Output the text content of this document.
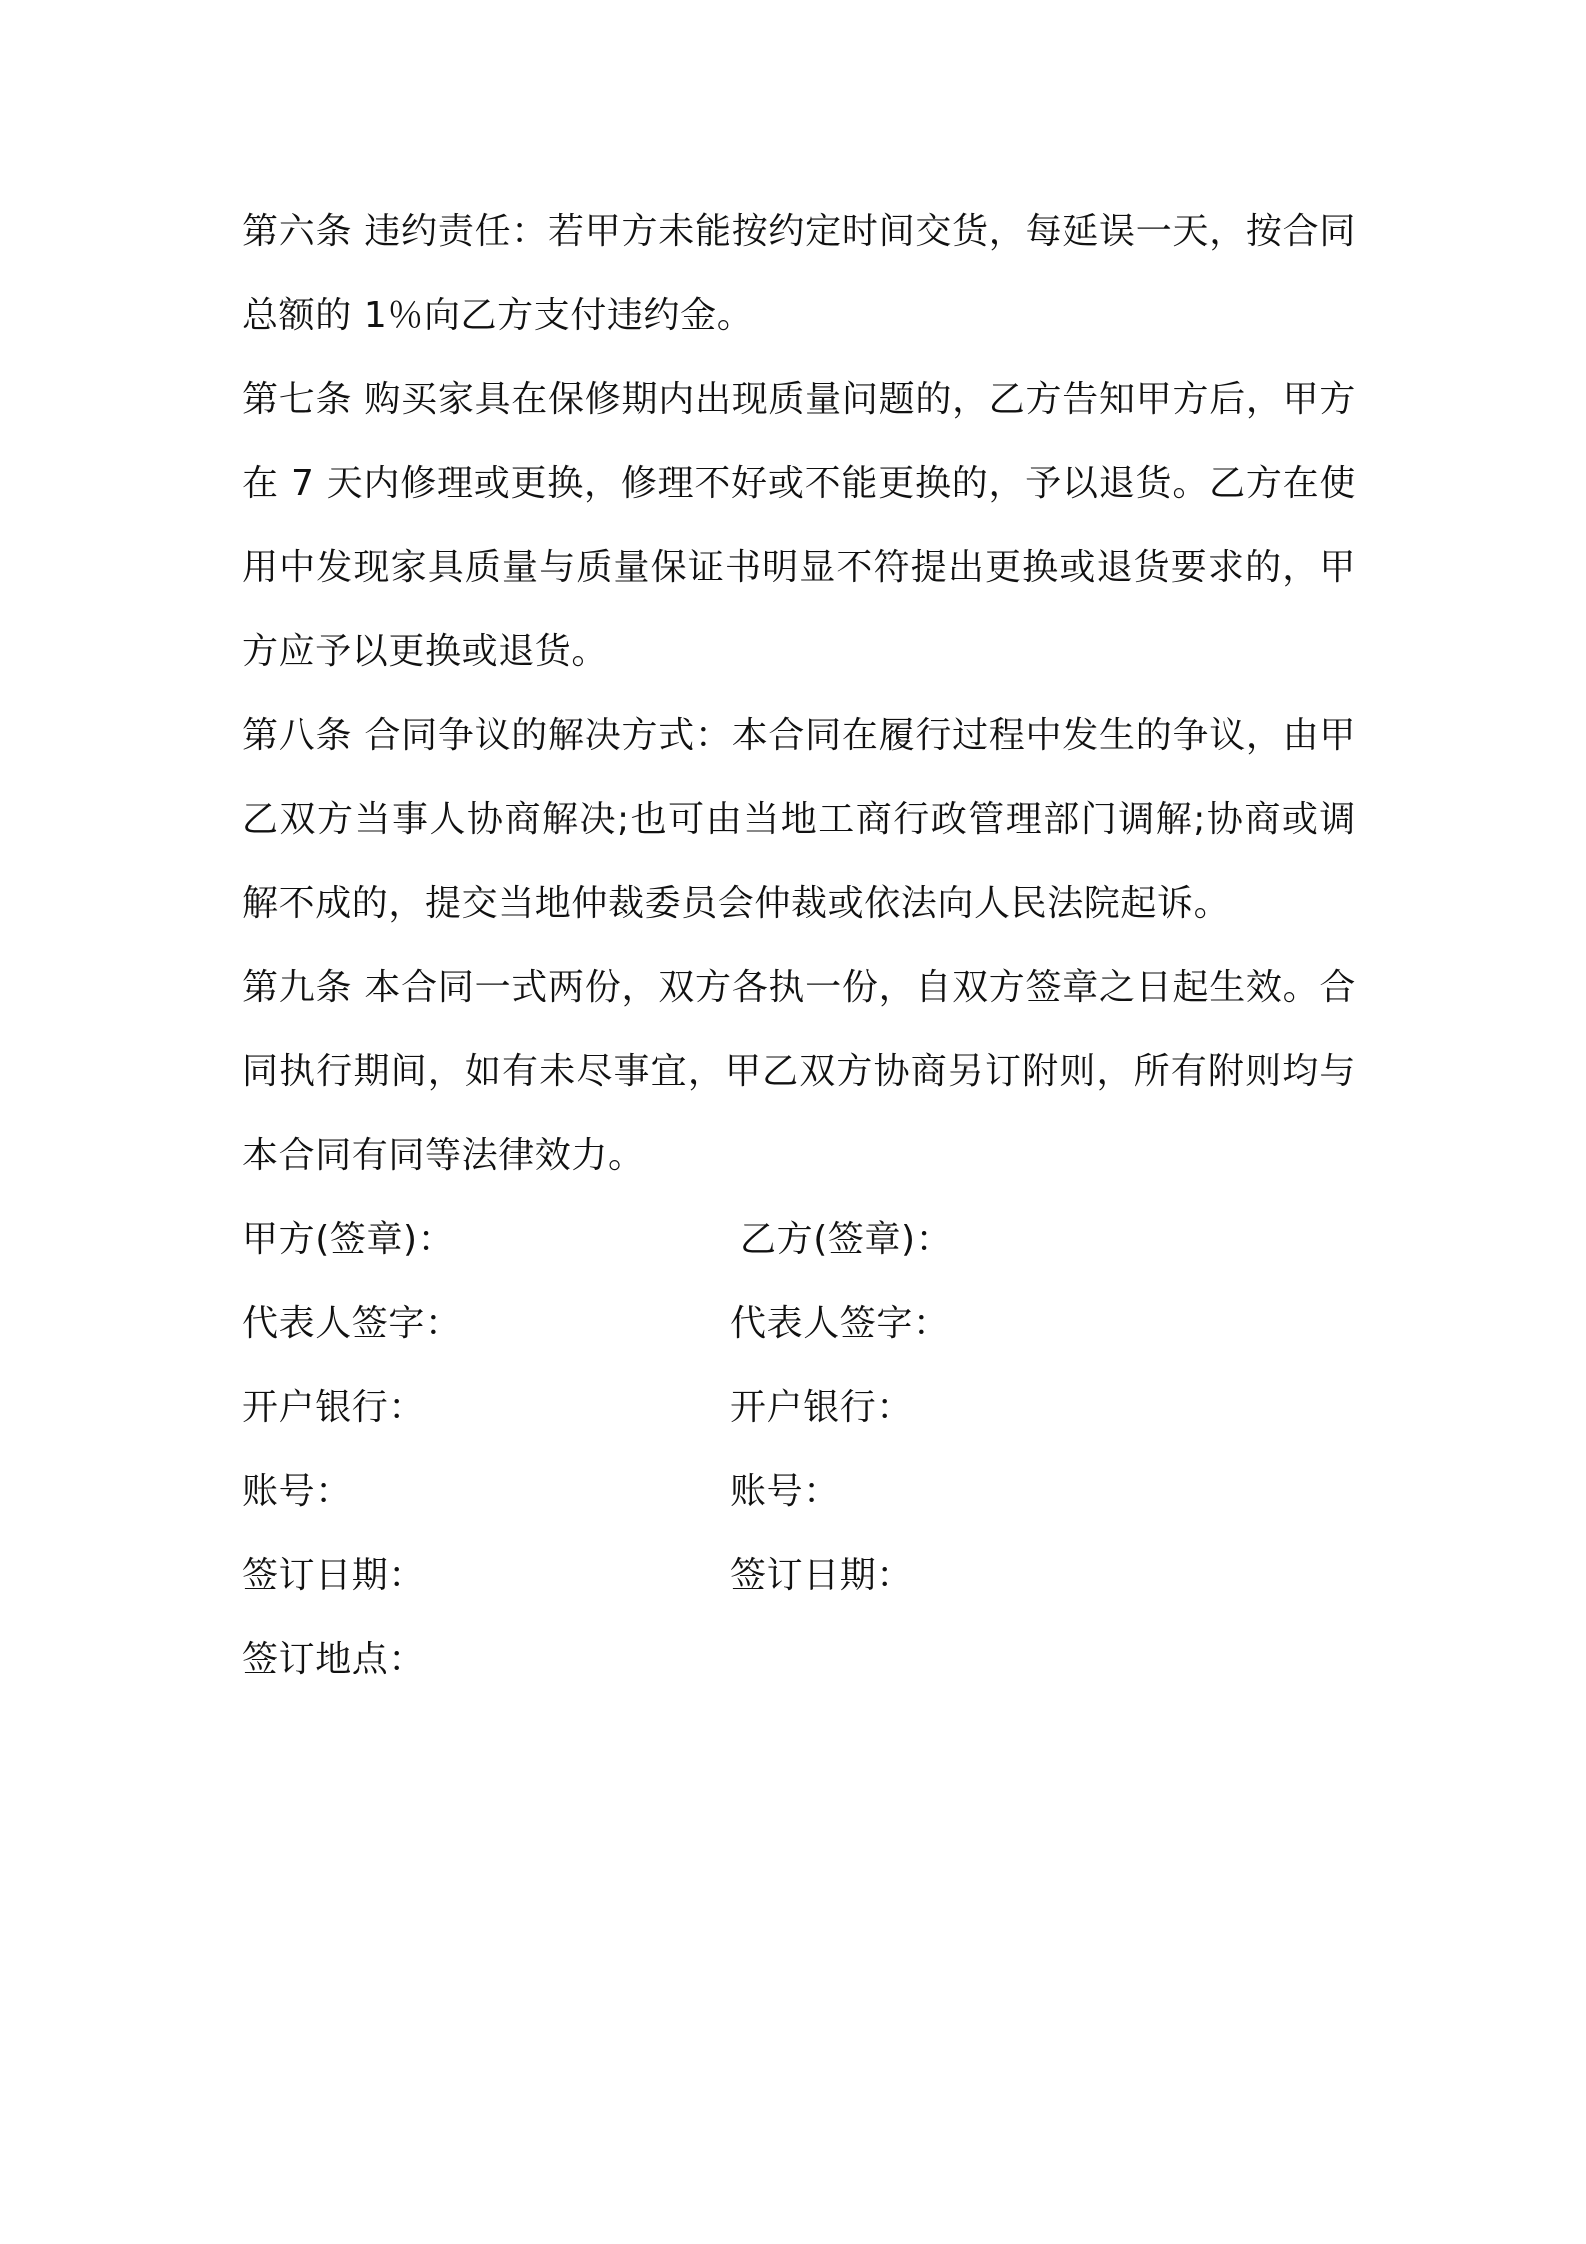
第六条 违约责任：若甲方未能按约定时间交货，每延误一天，按合同总额的 1％向乙方支付违约金。

第七条 购买家具在保修期内出现质量问题的，乙方告知甲方后，甲方在 7 天内修理或更换，修理不好或不能更换的，予以退货。乙方在使用中发现家具质量与质量保证书明显不符提出更换或退货要求的，甲方应予以更换或退货。

第八条 合同争议的解决方式：本合同在履行过程中发生的争议，由甲乙双方当事人协商解决;也可由当地工商行政管理部门调解;协商或调解不成的，提交当地仲裁委员会仲裁或依法向人民法院起诉。

第九条 本合同一式两份，双方各执一份，自双方签章之日起生效。合同执行期间，如有未尽事宜，甲乙双方协商另订附则，所有附则均与本合同有同等法律效力。

甲方(签章)：	乙方(签章)：
代表人签字：	代表人签字：
开户银行：	开户银行：
账号：	账号：
签订日期：	签订日期：
签订地点：
